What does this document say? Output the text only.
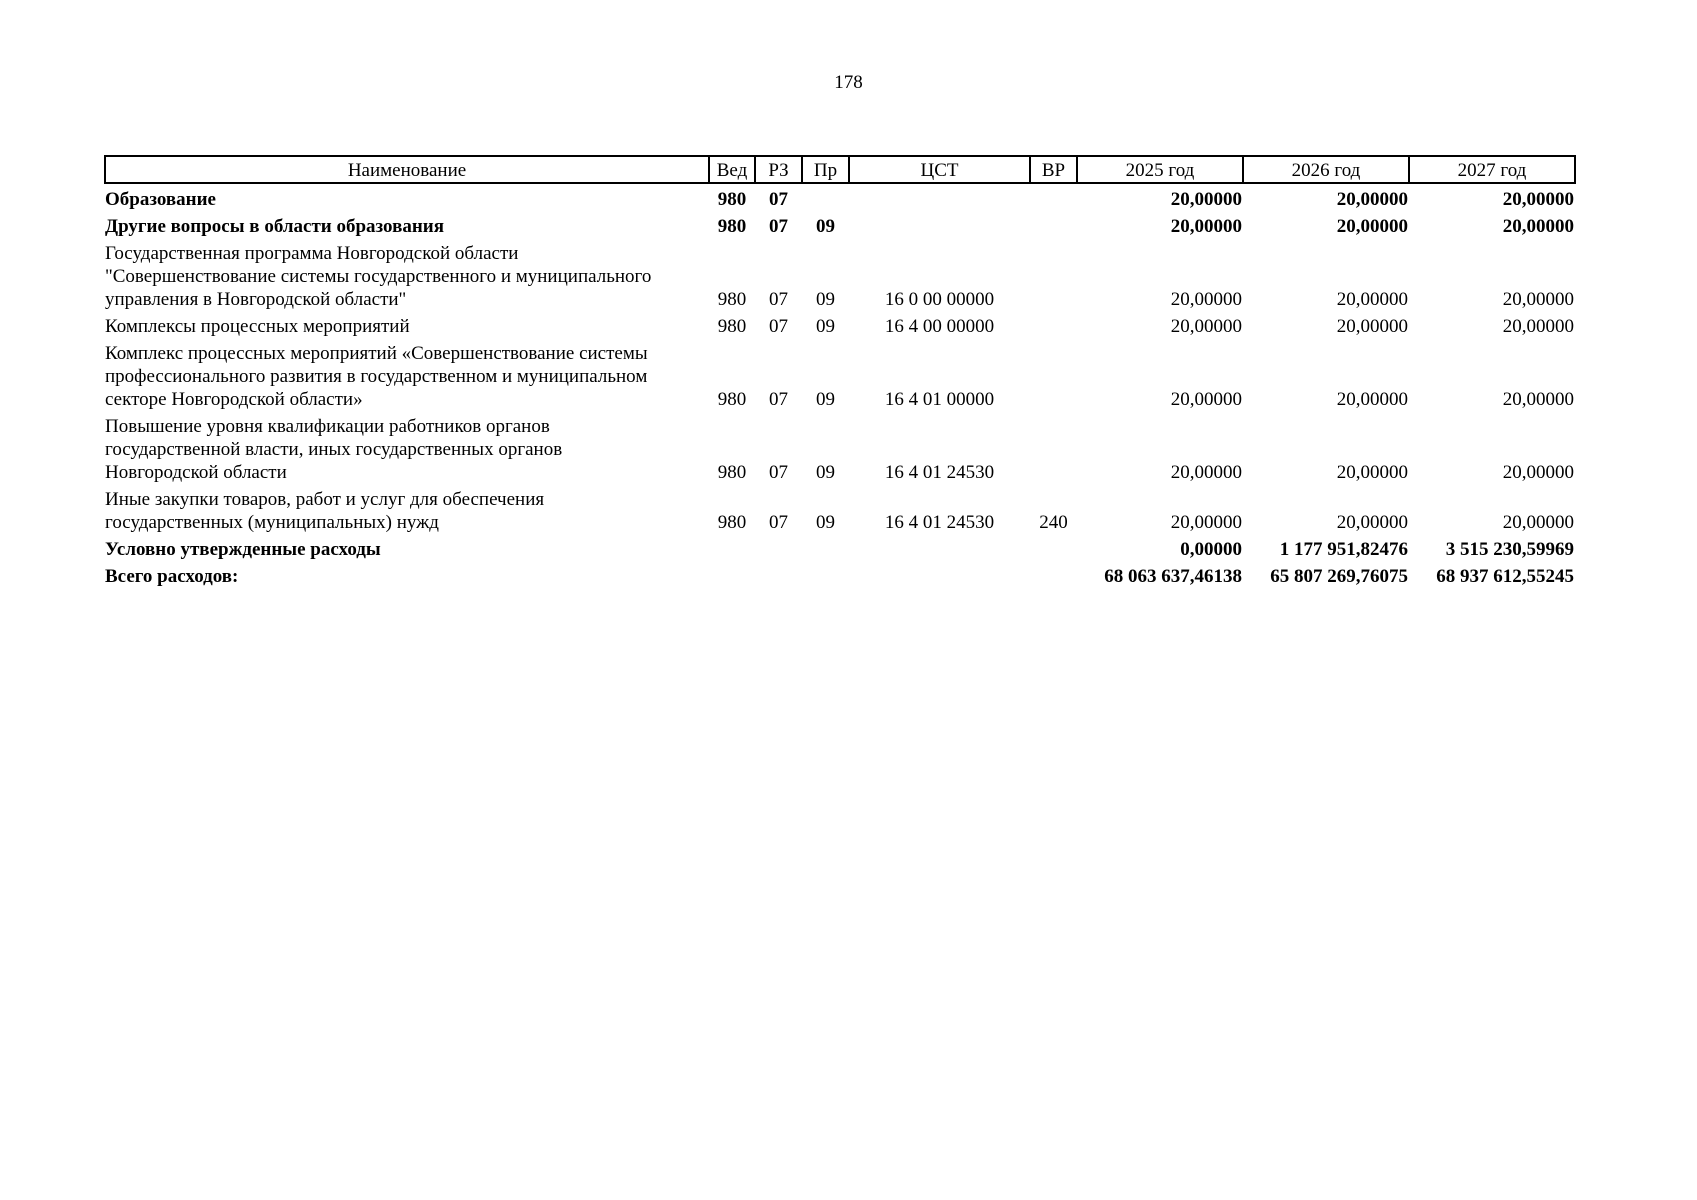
178
Наименование	Вед	РЗ	Пр	ЦСТ	ВР	2025 год	2026 год	2027 год
Образование	980	07				20,00000	20,00000	20,00000
Другие вопросы в области образования	980	07	09			20,00000	20,00000	20,00000

Государственная программа Новгородской области
"Совершенствование системы государственного и муниципального
управления в Новгородской области"	980	07	09	16 0 00 00000		20,00000	20,00000	20,00000
Комплексы процессных мероприятий	980	07	09	16 4 00 00000		20,00000	20,00000	20,00000

Комплекс процессных мероприятий «Совершенствование системы
профессионального развития в государственном и муниципальном
секторе Новгородской области»	980	07	09	16 4 01 00000		20,00000	20,00000	20,00000

Повышение уровня квалификации работников органов
государственной власти, иных государственных органов
Новгородской области	980	07	09	16 4 01 24530		20,00000	20,00000	20,00000

Иные закупки товаров, работ и услуг для обеспечения
государственных (муниципальных) нужд	980	07	09	16 4 01 24530	240	20,00000	20,00000	20,00000
Условно утвержденные расходы						0,00000	1 177 951,82476	3 515 230,59969
Всего расходов:						68 063 637,46138	65 807 269,76075	68 937 612,55245
